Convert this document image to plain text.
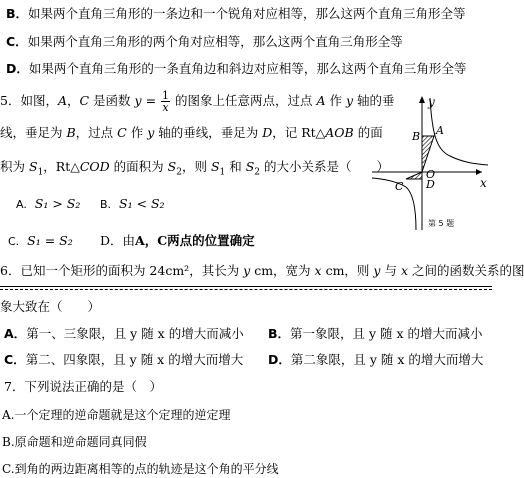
B．如果两个直角三角形的一条边和一个锐角对应相等，那么这两个直角三角形全等
C．如果两个直角三角形的两个角对应相等，那么这两个直角三角形全等
D．如果两个直角三角形的一条直角边和斜边对应相等，那么这两个直角三角形全等
5．如图，A，C 是函数 $y = \frac{1}{x}$ 的图象上任意两点，过点 A 作 y 轴的垂
线，垂足为 B，过点 C 作 y 轴的垂线，垂足为 D，记 Rt△AOB 的面
积为 $S_1$，Rt△COD 的面积为 $S_2$，则 $S_1$ 和 $S_2$ 的大小关系是（　　）
A. S₁ > S₂ B. S₁ < S₂
C. S₁ = S₂ D．由A，C两点的位置确定
y
x
A
B
C D
O
第 5 题
6．已知一个矩形的面积为 24cm²，其长为 y cm，宽为 x cm，则 y 与 x 之间的函数关系的图
象大致在（　　）
A．第一、三象限，且 y 随 x 的增大而减小 B．第一象限，且 y 随 x 的增大而减小
C．第二、四象限，且 y 随 x 的增大而增大 D．第二象限，且 y 随 x 的增大而增大
7．下列说法正确的是（　）
A.一个定理的逆命题就是这个定理的逆定理
B.原命题和逆命题同真同假
C.到角的两边距离相等的点的轨迹是这个角的平分线
